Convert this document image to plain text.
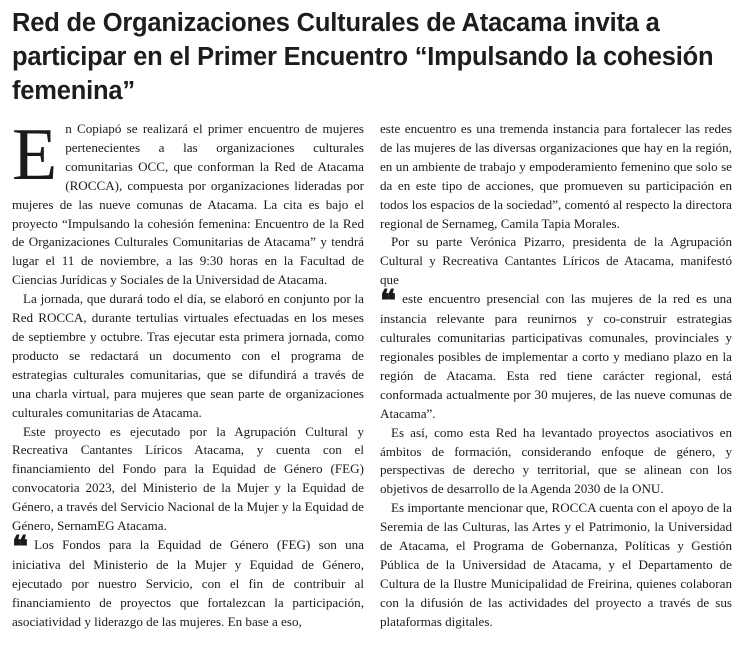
Red de Organizaciones Culturales de Atacama invita a participar en el Primer Encuentro “Impulsando la cohesión femenina”

En Copiapó se realizará el primer encuentro de mujeres pertenecientes a las organizaciones culturales comunitarias OCC, que conforman la Red de Atacama (ROCCA), compuesta por organizaciones lideradas por mujeres de las nueve comunas de Atacama. La cita es bajo el proyecto “Impulsando la cohesión femenina: Encuentro de la Red de Organizaciones Culturales Comunitarias de Atacama” y tendrá lugar el 11 de noviembre, a las 9:30 horas en la Facultad de Ciencias Jurídicas y Sociales de la Universidad de Atacama.

La jornada, que durará todo el día, se elaboró en conjunto por la Red ROCCA, durante tertulias virtuales efectuadas en los meses de septiembre y octubre. Tras ejecutar esta primera jornada, como producto se redactará un documento con el programa de estrategias culturales comunitarias, que se difundirá a través de una charla virtual, para mujeres que sean parte de organizaciones culturales comunitarias de Atacama.

Este proyecto es ejecutado por la Agrupación Cultural y Recreativa Cantantes Líricos Atacama, y cuenta con el financiamiento del Fondo para la Equidad de Género (FEG) convocatoria 2023, del Ministerio de la Mujer y la Equidad de Género, a través del Servicio Nacional de la Mujer y la Equidad de Género, SernamEG Atacama.

❝ Los Fondos para la Equidad de Género (FEG) son una iniciativa del Ministerio de la Mujer y Equidad de Género, ejecutado por nuestro Servicio, con el fin de contribuir al financiamiento de proyectos que fortalezcan la participación, asociatividad y liderazgo de las mujeres. En base a eso,

este encuentro es una tremenda instancia para fortalecer las redes de las mujeres de las diversas organizaciones que hay en la región, en un ambiente de trabajo y empoderamiento femenino que solo se da en este tipo de acciones, que promueven su participación en todos los espacios de la sociedad”, comentó al respecto la directora regional de Sernameg, Camila Tapia Morales.

Por su parte Verónica Pizarro, presidenta de la Agrupación Cultural y Recreativa Cantantes Líricos de Atacama, manifestó que

❝ este encuentro presencial con las mujeres de la red es una instancia relevante para reunirnos y co-construir estrategias culturales comunitarias participativas comunales, provinciales y regionales posibles de implementar a corto y mediano plazo en la región de Atacama. Esta red tiene carácter regional, está conformada actualmente por 30 mujeres, de las nueve comunas de Atacama”.

Es así, como esta Red ha levantado proyectos asociativos en ámbitos de formación, considerando enfoque de género, y perspectivas de derecho y territorial, que se alinean con los objetivos de desarrollo de la Agenda 2030 de la ONU.

Es importante mencionar que, ROCCA cuenta con el apoyo de la Seremia de las Culturas, las Artes y el Patrimonio, la Universidad de Atacama, el Programa de Gobernanza, Políticas y Gestión Pública de la Universidad de Atacama, y el Departamento de Cultura de la Ilustre Municipalidad de Freirina, quienes colaboran con la difusión de las actividades del proyecto a través de sus plataformas digitales.
